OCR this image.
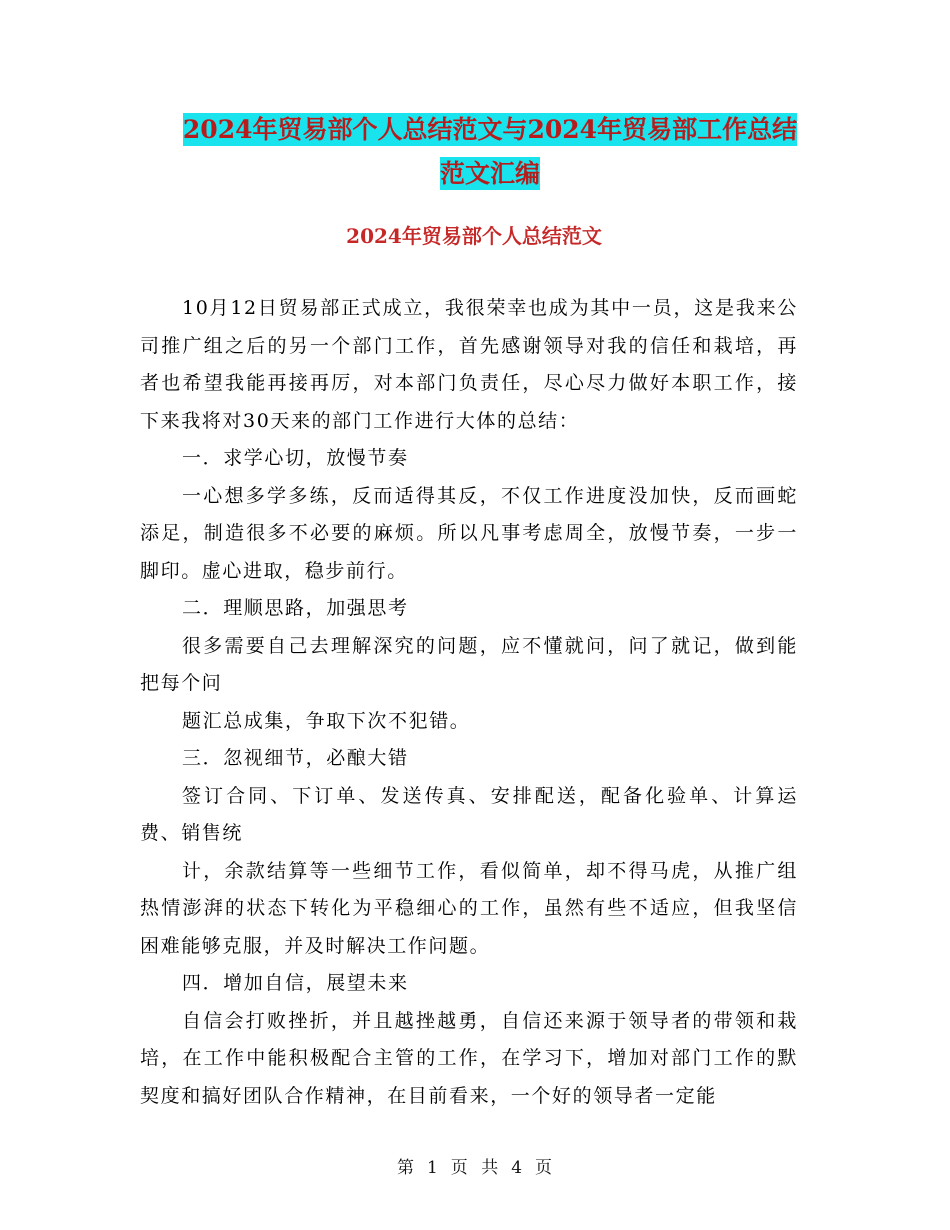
2024年贸易部个人总结范文与2024年贸易部工作总结
范文汇编
2024年贸易部个人总结范文

10月12日贸易部正式成立，我很荣幸也成为其中一员，这是我来公司推广组之后的另一个部门工作，首先感谢领导对我的信任和栽培，再者也希望我能再接再厉，对本部门负责任，尽心尽力做好本职工作，接下来我将对30天来的部门工作进行大体的总结：

一．求学心切，放慢节奏

一心想多学多练，反而适得其反，不仅工作进度没加快，反而画蛇添足，制造很多不必要的麻烦。所以凡事考虑周全，放慢节奏，一步一脚印。虚心进取，稳步前行。

二．理顺思路，加强思考

很多需要自己去理解深究的问题，应不懂就问，问了就记，做到能把每个问

题汇总成集，争取下次不犯错。

三．忽视细节，必酿大错

签订合同、下订单、发送传真、安排配送，配备化验单、计算运费、销售统

计，余款结算等一些细节工作，看似简单，却不得马虎，从推广组热情澎湃的状态下转化为平稳细心的工作，虽然有些不适应，但我坚信困难能够克服，并及时解决工作问题。

四．增加自信，展望未来

自信会打败挫折，并且越挫越勇，自信还来源于领导者的带领和栽培，在工作中能积极配合主管的工作，在学习下，增加对部门工作的默契度和搞好团队合作精神，在目前看来，一个好的领导者一定能

第 1 页 共 4 页
